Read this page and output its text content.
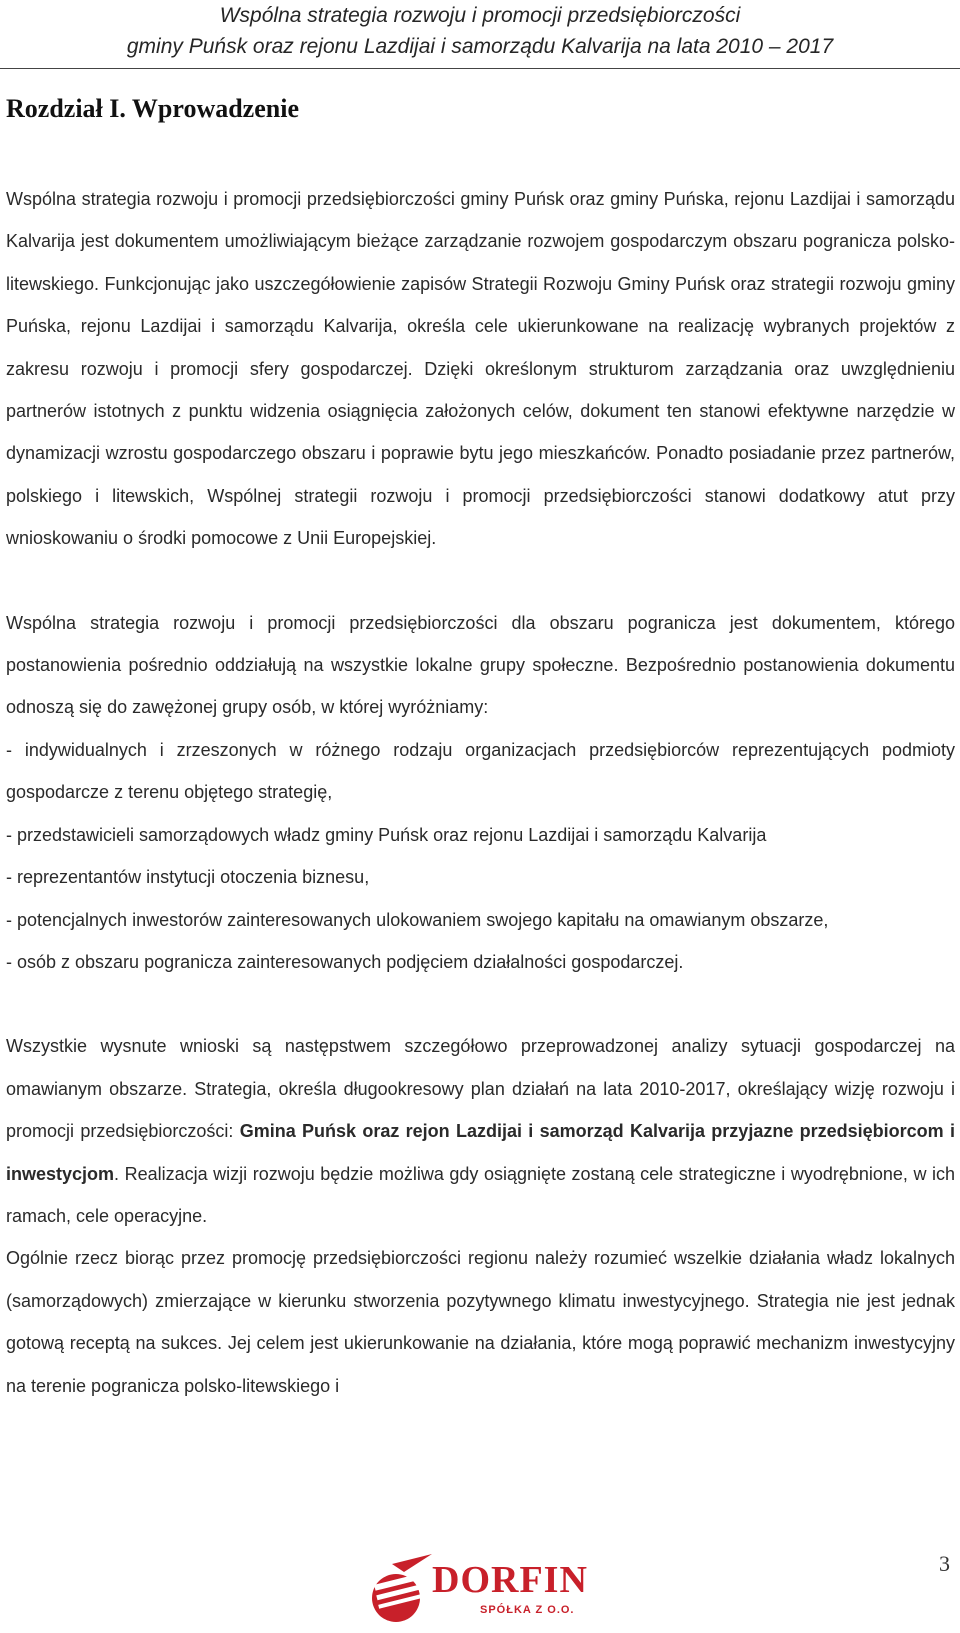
Wspólna strategia rozwoju i promocji przedsiębiorczości
gminy Puńsk oraz rejonu Lazdijai i samorządu Kalvarija na lata 2010 – 2017
Rozdział I. Wprowadzenie

Wspólna strategia rozwoju i promocji przedsiębiorczości gminy Puńsk oraz gminy Puńska, rejonu Lazdijai i samorządu Kalvarija jest dokumentem umożliwiającym bieżące zarządzanie rozwojem gospodarczym obszaru pogranicza polsko-litewskiego. Funkcjonując jako uszczegółowienie zapisów Strategii Rozwoju Gminy Puńsk oraz strategii rozwoju gminy Puńska, rejonu Lazdijai i samorządu Kalvarija, określa cele ukierunkowane na realizację wybranych projektów z zakresu rozwoju i promocji sfery gospodarczej. Dzięki określonym strukturom zarządzania oraz uwzględnieniu partnerów istotnych z punktu widzenia osiągnięcia założonych celów, dokument ten stanowi efektywne narzędzie w dynamizacji wzrostu gospodarczego obszaru i poprawie bytu jego mieszkańców. Ponadto posiadanie przez partnerów, polskiego i litewskich, Wspólnej strategii rozwoju i promocji przedsiębiorczości stanowi dodatkowy atut przy wnioskowaniu o środki pomocowe z Unii Europejskiej.

Wspólna strategia rozwoju i promocji przedsiębiorczości dla obszaru pogranicza jest dokumentem, którego postanowienia pośrednio oddziałują na wszystkie lokalne grupy społeczne. Bezpośrednio postanowienia dokumentu odnoszą się do zawężonej grupy osób, w której wyróżniamy:

- indywidualnych i zrzeszonych w różnego rodzaju organizacjach przedsiębiorców reprezentujących podmioty gospodarcze z terenu objętego strategię,

- przedstawicieli samorządowych władz gminy Puńsk oraz rejonu Lazdijai i samorządu Kalvarija

- reprezentantów instytucji otoczenia biznesu,

- potencjalnych inwestorów zainteresowanych ulokowaniem swojego kapitału na omawianym obszarze,

- osób z obszaru pogranicza zainteresowanych podjęciem działalności gospodarczej.

Wszystkie wysnute wnioski są następstwem szczegółowo przeprowadzonej analizy sytuacji gospodarczej na omawianym obszarze. Strategia, określa długookresowy plan działań na lata 2010-2017, określający wizję rozwoju i promocji przedsiębiorczości: Gmina Puńsk oraz rejon Lazdijai i samorząd Kalvarija przyjazne przedsiębiorcom i inwestycjom. Realizacja wizji rozwoju będzie możliwa gdy osiągnięte zostaną cele strategiczne i wyodrębnione, w ich ramach, cele operacyjne.

Ogólnie rzecz biorąc przez promocję przedsiębiorczości regionu należy rozumieć wszelkie działania władz lokalnych (samorządowych) zmierzające w kierunku stworzenia pozytywnego klimatu inwestycyjnego. Strategia nie jest jednak gotową receptą na sukces. Jej celem jest ukierunkowanie na działania, które mogą poprawić mechanizm inwestycyjny na terenie pogranicza polsko-litewskiego i

3
DORFIN
SPÓŁKA Z O.O.
